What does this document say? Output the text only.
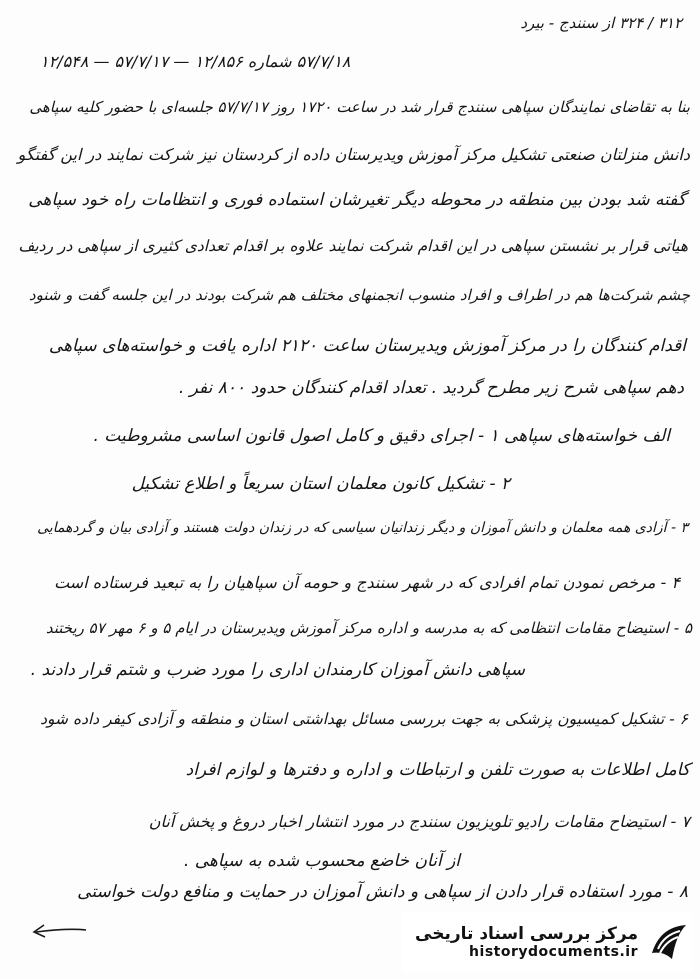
۵۷/۷/۱۸ شماره ۱۲/۸۵۶ — ۵۷/۷/۱۷ — ۱۲/۵۴۸
۳۱۲ / ۳۲۴ از سنندج - بیرد
بنا به تقاضای نمایندگان سپاهی سنندج قرار شد در ساعت ۱۷۲۰ روز ۵۷/۷/۱۷ جلسه‌ای با حضور کلیه سپاهی
دانش منزلتان صنعتی تشکیل مرکز آموزش ویدیرستان داده از کردستان نیز شرکت نمایند در این گفتگو
گفته شد بودن بین منطقه در محوطه دیگر تغیرشان استماده فوری و انتظامات راه خود سپاهی
هیاتی قرار بر نشستن سپاهی در این اقدام شرکت نمایند علاوه بر اقدام تعدادی کثیری از سپاهی در ردیف
چشم شرکت‌ها هم در اطراف و افراد منسوب انجمنهای مختلف هم شرکت بودند در این جلسه گفت و شنود
اقدام کنندگان را در مرکز آموزش ویدیرستان ساعت ۲۱۲۰ اداره یافت و خواسته‌های سپاهی
دهم سپاهی شرح زیر مطرح گردید . تعداد اقدام کنندگان حدود ۸۰۰ نفر .
الف خواسته‌های سپاهی ۱ - اجرای دقیق و کامل اصول قانون اساسی مشروطیت .
۲ - تشکیل کانون معلمان استان سریعاً و اطلاع تشکیل
۳ - آزادی همه معلمان و دانش آموزان و دیگر زندانیان سیاسی که در زندان دولت هستند و آزادی بیان و گردهمایی
۴ - مرخص نمودن تمام افرادی که در شهر سنندج و حومه آن سپاهیان را به تبعید فرستاده است
۵ - استیضاح مقامات انتظامی که به مدرسه و اداره مرکز آموزش ویدیرستان در ایام ۵ و ۶ مهر ۵۷ ریختند
سپاهی دانش آموزان کارمندان اداری را مورد ضرب و شتم قرار دادند .
۶ - تشکیل کمیسیون پزشکی به جهت بررسی مسائل بهداشتی استان و منطقه و آزادی کیفر داده شود
کامل اطلاعات به صورت تلفن و ارتباطات و اداره و دفترها و لوازم افراد
۷ - استیضاح مقامات رادیو تلویزیون سنندج در مورد انتشار اخبار دروغ و پخش آنان
از آنان خاضع محسوب شده به سپاهی .
۸ - مورد استفاده قرار دادن از سپاهی و دانش آموزان در حمایت و منافع دولت خواستی
مرکز بررسی اسناد تاریخی
historydocuments.ir
